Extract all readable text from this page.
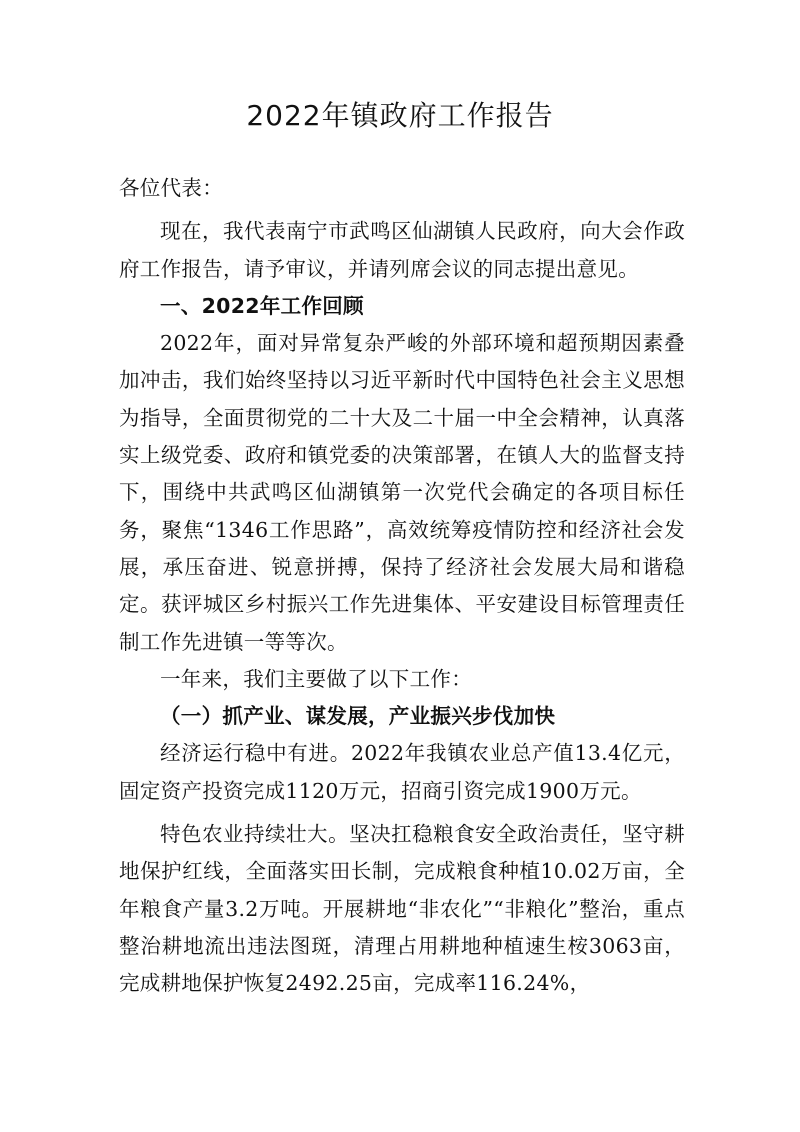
2022年镇政府工作报告

各位代表：

现在，我代表南宁市武鸣区仙湖镇人民政府，向大会作政府工作报告，请予审议，并请列席会议的同志提出意见。

一、2022年工作回顾

2022年，面对异常复杂严峻的外部环境和超预期因素叠加冲击，我们始终坚持以习近平新时代中国特色社会主义思想为指导，全面贯彻党的二十大及二十届一中全会精神，认真落实上级党委、政府和镇党委的决策部署，在镇人大的监督支持下，围绕中共武鸣区仙湖镇第一次党代会确定的各项目标任务，聚焦“1346工作思路”，高效统筹疫情防控和经济社会发展，承压奋进、锐意拼搏，保持了经济社会发展大局和谐稳定。获评城区乡村振兴工作先进集体、平安建设目标管理责任制工作先进镇一等等次。

一年来，我们主要做了以下工作：

（一）抓产业、谋发展，产业振兴步伐加快

经济运行稳中有进。2022年我镇农业总产值13.4亿元，固定资产投资完成1120万元，招商引资完成1900万元。

特色农业持续壮大。坚决扛稳粮食安全政治责任，坚守耕地保护红线，全面落实田长制，完成粮食种植10.02万亩，全年粮食产量3.2万吨。开展耕地“非农化”“非粮化”整治，重点整治耕地流出违法图斑，清理占用耕地种植速生桉3063亩，完成耕地保护恢复2492.25亩，完成率116.24%，
